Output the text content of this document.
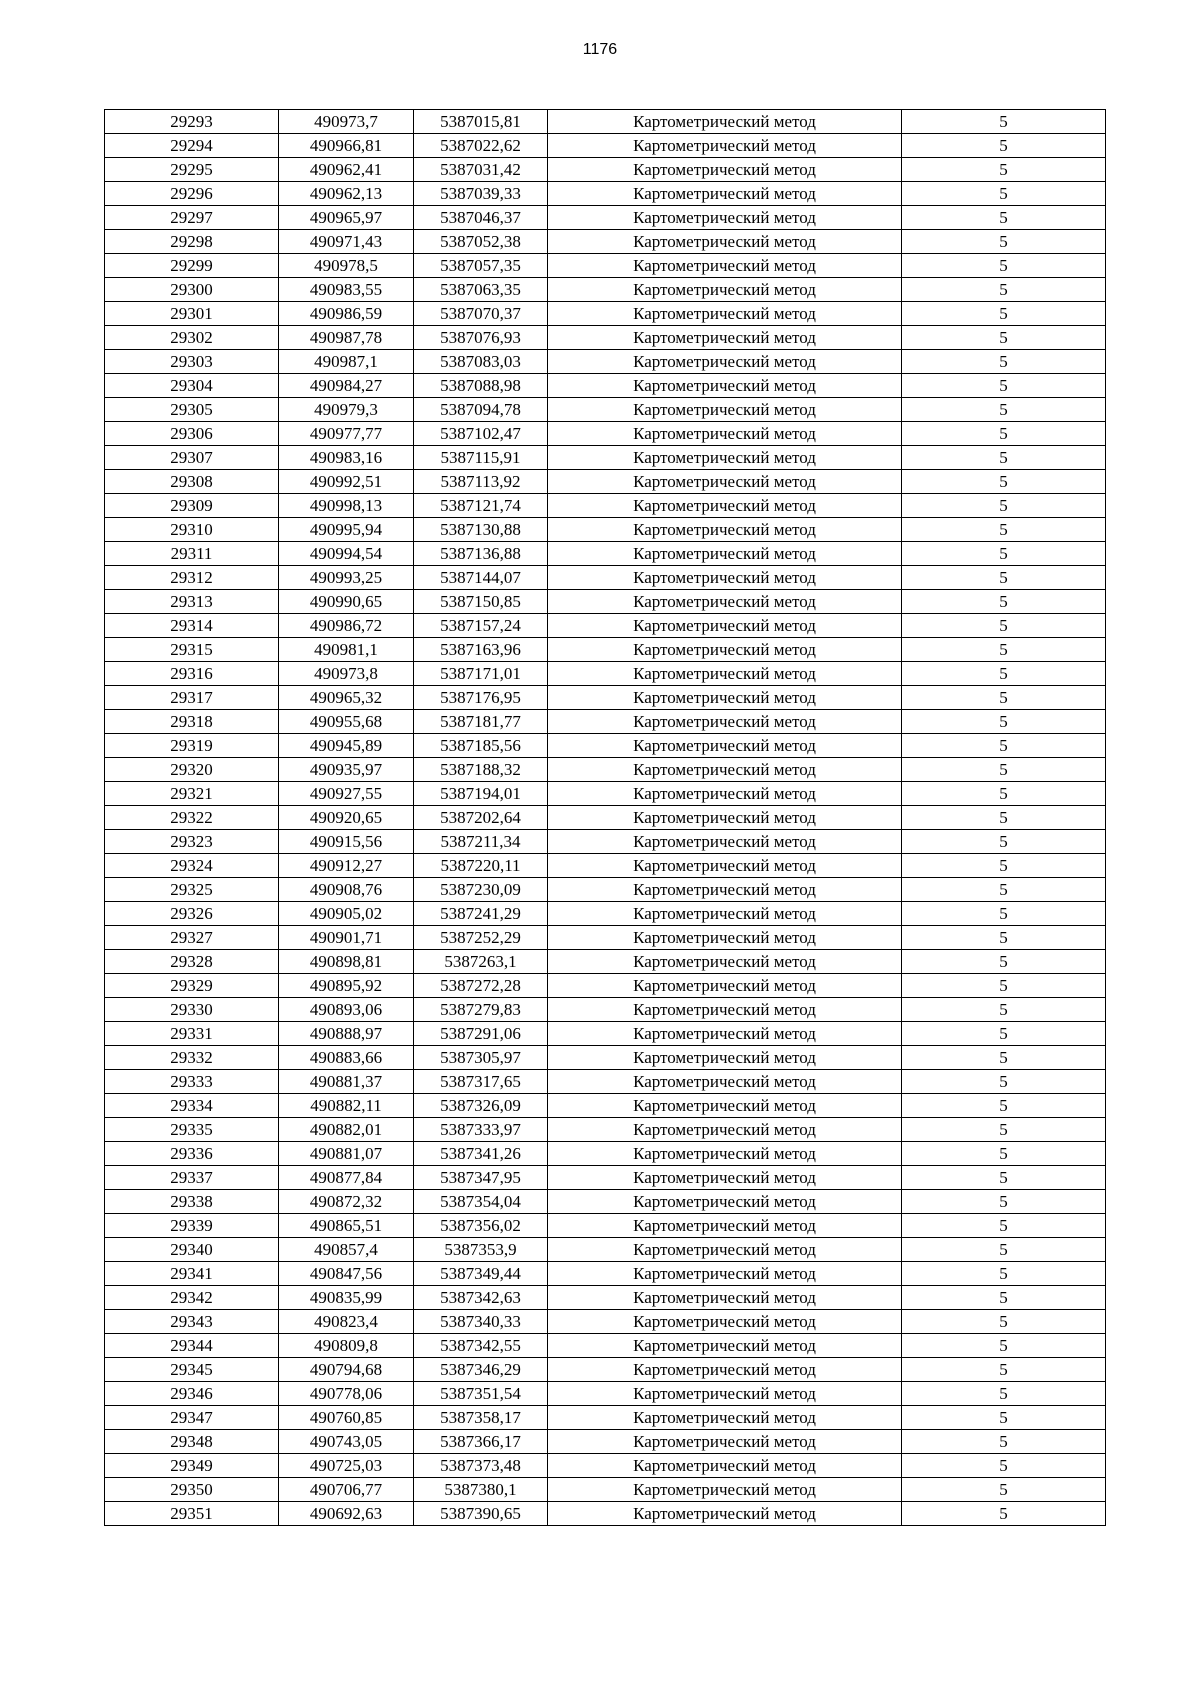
1176
29293	490973,7	5387015,81	Картометрический метод	5
29294	490966,81	5387022,62	Картометрический метод	5
29295	490962,41	5387031,42	Картометрический метод	5
29296	490962,13	5387039,33	Картометрический метод	5
29297	490965,97	5387046,37	Картометрический метод	5
29298	490971,43	5387052,38	Картометрический метод	5
29299	490978,5	5387057,35	Картометрический метод	5
29300	490983,55	5387063,35	Картометрический метод	5
29301	490986,59	5387070,37	Картометрический метод	5
29302	490987,78	5387076,93	Картометрический метод	5
29303	490987,1	5387083,03	Картометрический метод	5
29304	490984,27	5387088,98	Картометрический метод	5
29305	490979,3	5387094,78	Картометрический метод	5
29306	490977,77	5387102,47	Картометрический метод	5
29307	490983,16	5387115,91	Картометрический метод	5
29308	490992,51	5387113,92	Картометрический метод	5
29309	490998,13	5387121,74	Картометрический метод	5
29310	490995,94	5387130,88	Картометрический метод	5
29311	490994,54	5387136,88	Картометрический метод	5
29312	490993,25	5387144,07	Картометрический метод	5
29313	490990,65	5387150,85	Картометрический метод	5
29314	490986,72	5387157,24	Картометрический метод	5
29315	490981,1	5387163,96	Картометрический метод	5
29316	490973,8	5387171,01	Картометрический метод	5
29317	490965,32	5387176,95	Картометрический метод	5
29318	490955,68	5387181,77	Картометрический метод	5
29319	490945,89	5387185,56	Картометрический метод	5
29320	490935,97	5387188,32	Картометрический метод	5
29321	490927,55	5387194,01	Картометрический метод	5
29322	490920,65	5387202,64	Картометрический метод	5
29323	490915,56	5387211,34	Картометрический метод	5
29324	490912,27	5387220,11	Картометрический метод	5
29325	490908,76	5387230,09	Картометрический метод	5
29326	490905,02	5387241,29	Картометрический метод	5
29327	490901,71	5387252,29	Картометрический метод	5
29328	490898,81	5387263,1	Картометрический метод	5
29329	490895,92	5387272,28	Картометрический метод	5
29330	490893,06	5387279,83	Картометрический метод	5
29331	490888,97	5387291,06	Картометрический метод	5
29332	490883,66	5387305,97	Картометрический метод	5
29333	490881,37	5387317,65	Картометрический метод	5
29334	490882,11	5387326,09	Картометрический метод	5
29335	490882,01	5387333,97	Картометрический метод	5
29336	490881,07	5387341,26	Картометрический метод	5
29337	490877,84	5387347,95	Картометрический метод	5
29338	490872,32	5387354,04	Картометрический метод	5
29339	490865,51	5387356,02	Картометрический метод	5
29340	490857,4	5387353,9	Картометрический метод	5
29341	490847,56	5387349,44	Картометрический метод	5
29342	490835,99	5387342,63	Картометрический метод	5
29343	490823,4	5387340,33	Картометрический метод	5
29344	490809,8	5387342,55	Картометрический метод	5
29345	490794,68	5387346,29	Картометрический метод	5
29346	490778,06	5387351,54	Картометрический метод	5
29347	490760,85	5387358,17	Картометрический метод	5
29348	490743,05	5387366,17	Картометрический метод	5
29349	490725,03	5387373,48	Картометрический метод	5
29350	490706,77	5387380,1	Картометрический метод	5
29351	490692,63	5387390,65	Картометрический метод	5
